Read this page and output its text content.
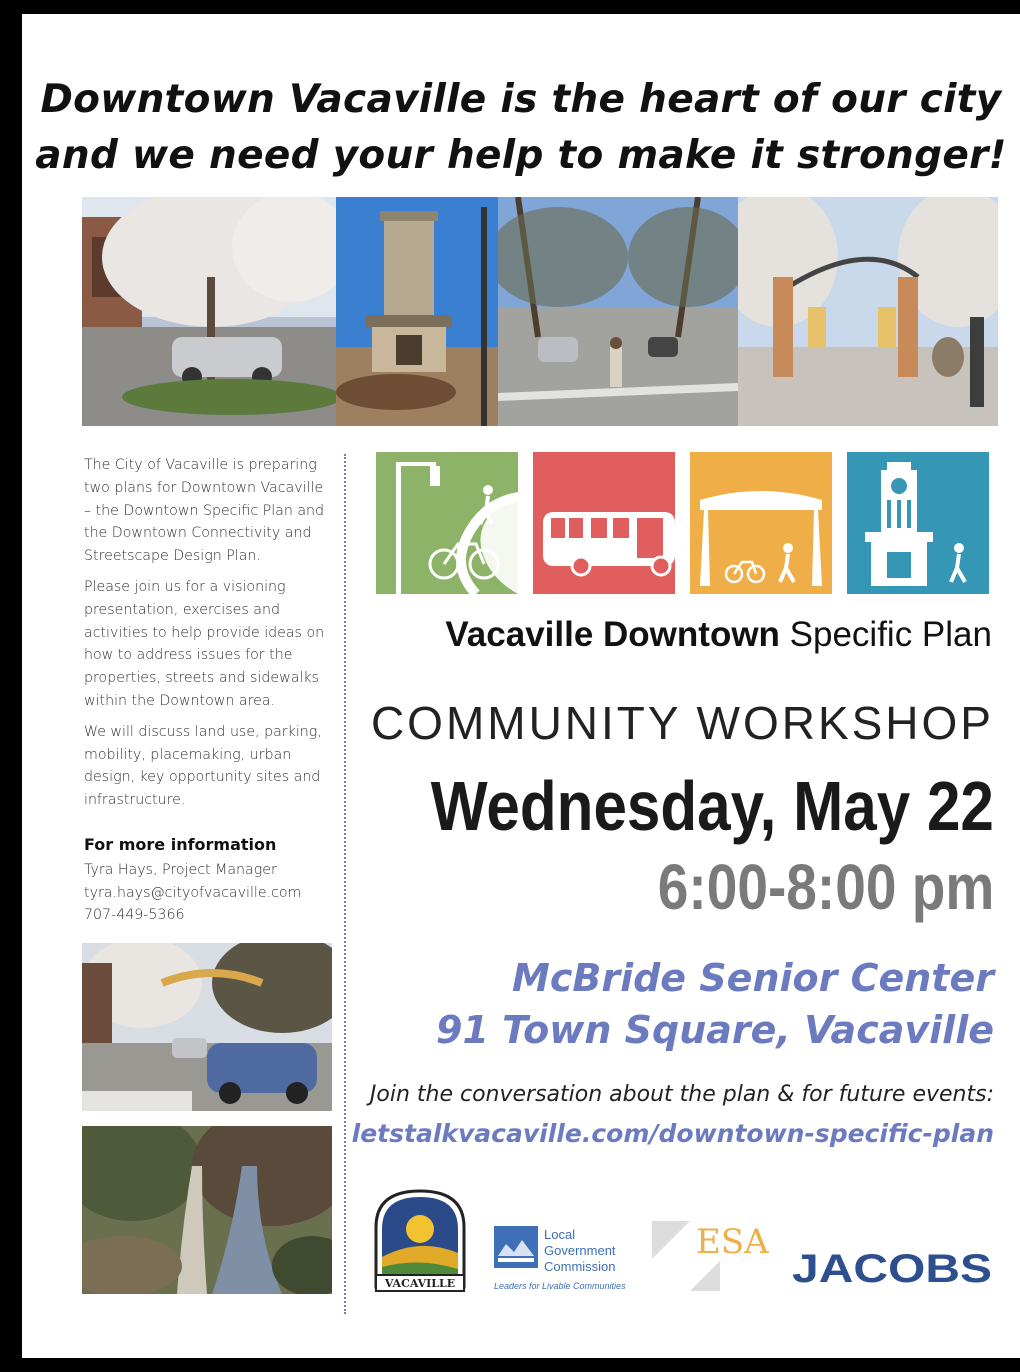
Downtown Vacaville is the heart of our city
and we need your help to make it stronger!

The City of Vacaville is preparing two plans for Downtown Vacaville – the Downtown Specific Plan and the Downtown Connectivity and Streetscape Design Plan.

Please join us for a visioning presentation, exercises and activities to help provide ideas on how to address issues for the properties, streets and sidewalks within the Downtown area.

We will discuss land use, parking, mobility, placemaking, urban design, key opportunity sites and infrastructure.

For more information
Tyra Hays, Project Manager
tyra.hays@cityofvacaville.com
707-449-5366
Vacaville Downtown Specific Plan
COMMUNITY WORKSHOP
Wednesday, May 22
6:00-8:00 pm
McBride Senior Center
91 Town Square, Vacaville
Join the conversation about the plan & for future events:
letstalkvacaville.com/downtown-specific-plan
VACAVILLE
Local
Government
Commission
Leaders for Livable Communities
ESA
JACOBS
